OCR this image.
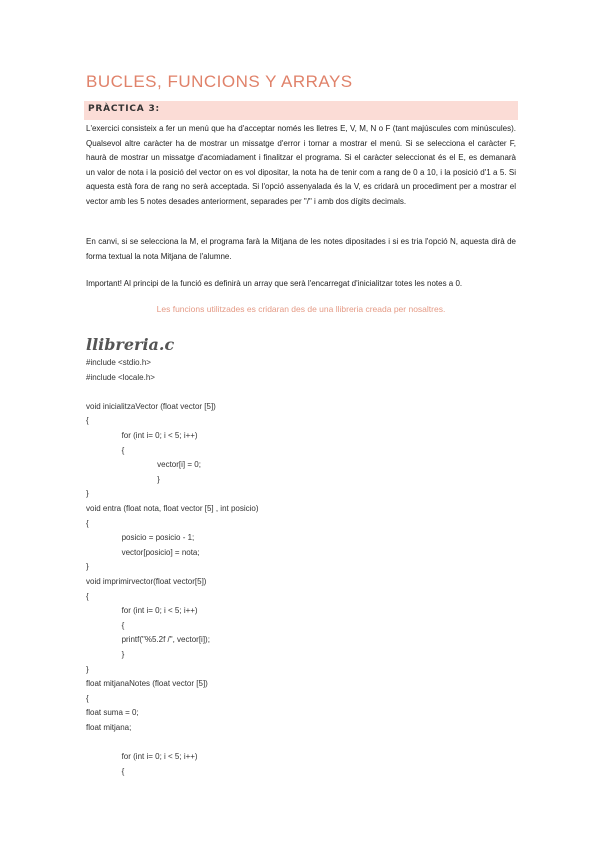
BUCLES, FUNCIONS Y ARRAYS
PRÀCTICA 3:
L'exercici consisteix a fer un menú que ha d'acceptar només les lletres E, V, M, N o F (tant majúscules com minúscules). Qualsevol altre caràcter ha de mostrar un missatge d'error i tornar a mostrar el menú. Si se selecciona el caràcter F, haurà de mostrar un missatge d'acomiadament i finalitzar el programa. Si el caràcter seleccionat és el E, es demanarà un valor de nota i la posició del vector on es vol dipositar, la nota ha de tenir com a rang de 0 a 10, i la posició d'1 a 5. Si aquesta està fora de rang no serà acceptada. Si l'opció assenyalada és la V, es cridarà un procediment per a mostrar el vector amb les 5 notes desades anteriorment, separades per "/" i amb dos dígits decimals.
En canvi, si se selecciona la M, el programa farà la Mitjana de les notes dipositades i si es tria l'opció N, aquesta dirà de forma textual la nota Mitjana de l'alumne.
Important! Al principi de la funció es definirà un array que serà l'encarregat d'inicialitzar totes les notes a 0.
Les funcions utilitzades es cridaran des de una llibreria creada per nosaltres.
llibreria.c
#include <stdio.h>
#include <locale.h>
void inicialitzaVector (float vector [5])
{
for (int i= 0; i < 5; i++)
{
vector[i] = 0;
}
}
void entra (float nota, float vector [5] , int posicio)
{
posicio = posicio - 1;
vector[posicio] = nota;
}
void imprimirvector(float vector[5])
{
for (int i= 0; i < 5; i++)
{
printf("%5.2f /", vector[i]);
}
}
float mitjanaNotes (float vector [5])
{
float suma = 0;
float mitjana;
for (int i= 0; i < 5; i++)
{
